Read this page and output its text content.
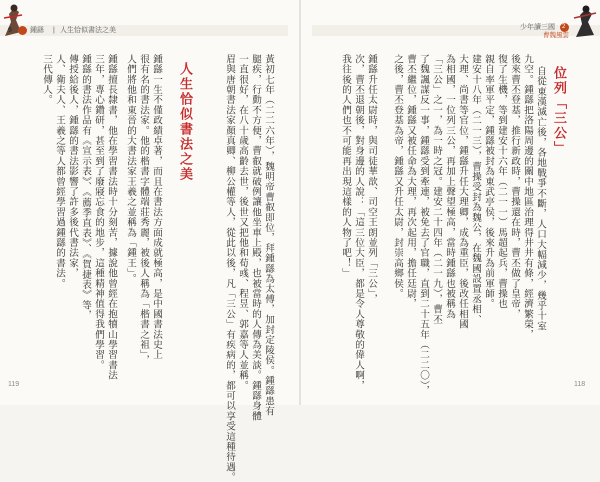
9	鍾繇 | 人生恰似書法之美	少年讀三國 2
曹魏風雲
位列「三公」
自從東漢滅亡後，各地戰爭不斷，人口大幅減少，幾乎十室
九空。鍾繇把洛陽周邊的關中地區治理得井井有條，經濟繁榮，
後來曹丕登基，推行新政時，曹操還在時，曹丕做了皇帝，
復了生機，等到建安十六年（二一一）馬超起兵，曹操也
親自率軍平定，鍾繇被封為東武亭侯，後來升為前軍師。
建安十八年（二一三），曹操受封為魏公，在魏國設置丞相、
大理、尚書等官位，鍾繇升任大理卿，成為重臣，後改任相國
為相國，一位列三公，再加上聲望極高，當時鍾繇也被稱為
「三公」之一，為一時之冠。建安二十四年（二一九），曹丕
了魏諷謀反一事，鍾繇受到牽連，被免去了官職，直到二十五年（二二〇），
曹丕繼位，鍾繇又被任命為大理，再次起用，擔任廷尉，
之後，曹丕登基為帝，鍾繇又升任太尉，封崇高鄉侯。
鍾繇升任太尉時，與司徒華歆、司空王朗並列「三公」，
次，曹丕退朝後，對身邊的人說：「這三位大臣，都是令人尊敬的偉人啊，
我往後的人們也不可能再出現這樣的人物了吧！」
黃初七年（二二六年），魏明帝曹叡即位，拜鍾繇為太傅，加封定陵侯。鍾繇患有
腿疾，行動不方便，曹叡就破例讓他坐車上殿，也被當時的人傳為美談。鍾繇身體
一直很好，在八十歲高齡去世，後世又把他和荀彧、程昱、郭嘉等人並稱。
眉與唐朝書法家顏真卿、柳公權等人，從此以後，凡「三公」有疾病的，都可以享受這種待遇。
人生恰似書法之美
鍾繇一生不僅政績卓著，而且在書法方面成就極高，是中國書法史上
很有名的書法家。他的楷書字體端莊秀麗，被後人稱為「楷書之祖」，
人們將他和東晉的大書法家王羲之並稱為「鍾王」。
鍾繇擅長隸書，他在學習書法時十分刻苦，據說他曾經在抱犢山學習書法
三年，專心鑽研，甚至到了廢寢忘食的地步，這種精神值得我們學習。
鍾繇的書法作品有《宣示表》、《薦季直表》、《賀捷表》等，
傳授給後人，鍾繇的書法影響了許多後代書法家，
人、衛夫人、王羲之等人都曾經學習過鍾繇的書法。
三代傳人。
119	118
